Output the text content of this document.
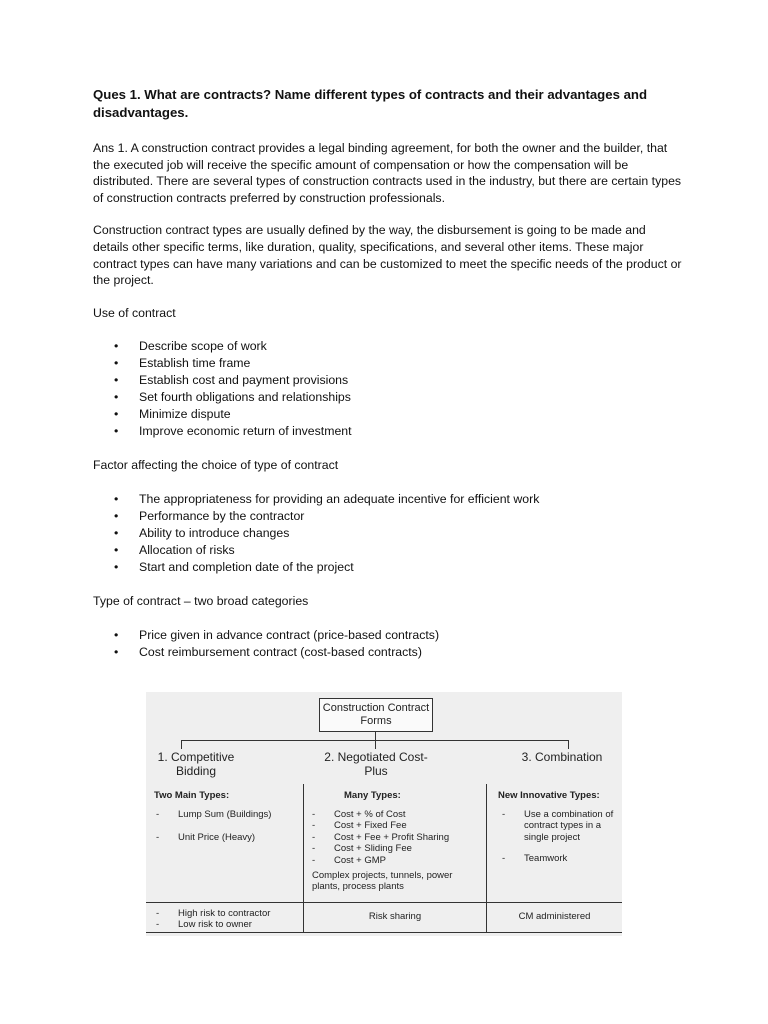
Ques 1. What are contracts? Name different types of contracts and their advantages and disadvantages.

Ans 1. A construction contract provides a legal binding agreement, for both the owner and the builder, that the executed job will receive the specific amount of compensation or how the compensation will be distributed. There are several types of construction contracts used in the industry, but there are certain types of construction contracts preferred by construction professionals.

Construction contract types are usually defined by the way, the disbursement is going to be made and details other specific terms, like duration, quality, specifications, and several other items. These major contract types can have many variations and can be customized to meet the specific needs of the product or the project.

Use of contract
• Describe scope of work
• Establish time frame
• Establish cost and payment provisions
• Set fourth obligations and relationships
• Minimize dispute
• Improve economic return of investment
Factor affecting the choice of type of contract
• The appropriateness for providing an adequate incentive for efficient work
• Performance by the contractor
• Ability to introduce changes
• Allocation of risks
• Start and completion date of the project
Type of contract – two broad categories
• Price given in advance contract (price-based contracts)
• Cost reimbursement contract (cost-based contracts)
Construction Contract Forms
1. Competitive Bidding
Two Main Types:
- Lump Sum (Buildings)
- Unit Price (Heavy)
2. Negotiated Cost-Plus
Many Types:
- Cost + % of Cost
- Cost + Fixed Fee
- Cost + Fee + Profit Sharing
- Cost + Sliding Fee
- Cost + GMP
Complex projects, tunnels, power plants, process plants
3. Combination
New Innovative Types:
-	Use a combination of contract types in a single project
- Teamwork
- High risk to contractor
- Low risk to owner
Risk sharing	CM administered
